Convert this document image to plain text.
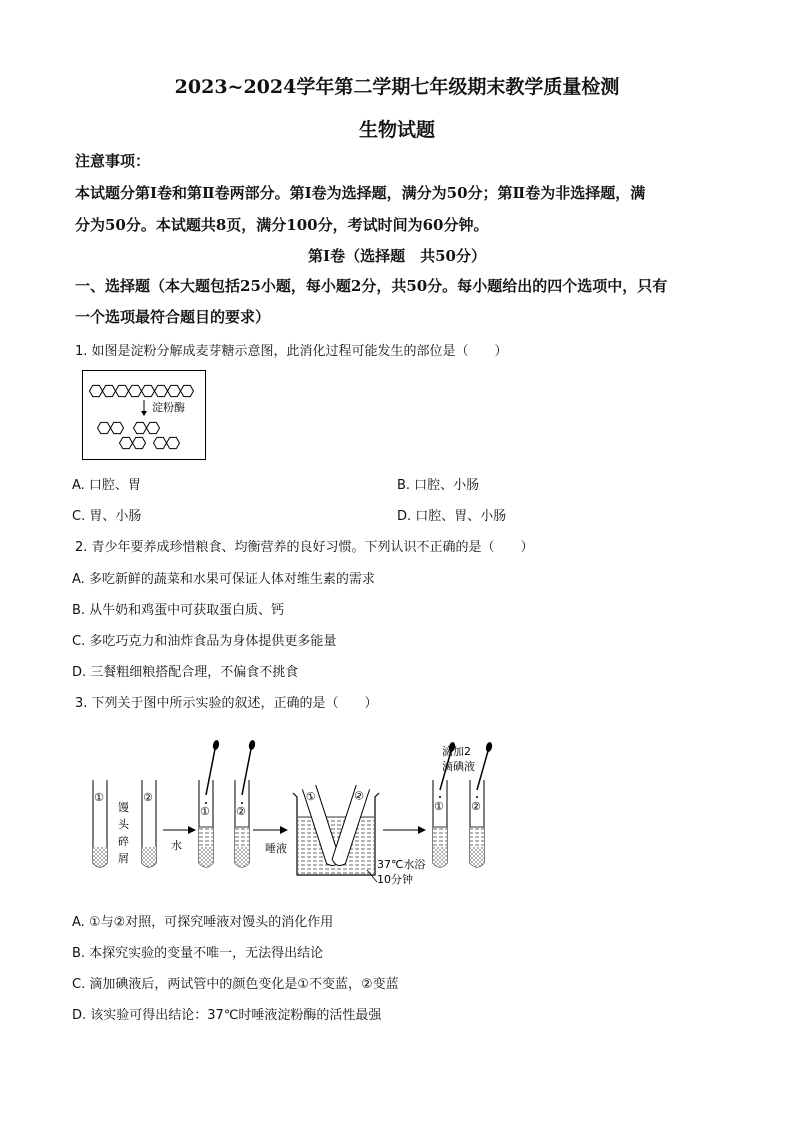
2023~2024学年第二学期七年级期末教学质量检测
生物试题
注意事项：
本试题分第Ⅰ卷和第Ⅱ卷两部分。第Ⅰ卷为选择题，满分为50分；第Ⅱ卷为非选择题，满
分为50分。本试题共8页，满分100分，考试时间为60分钟。
第Ⅰ卷（选择题　共50分）
一、选择题（本大题包括25小题，每小题2分，共50分。每小题给出的四个选项中，只有
一个选项最符合题目的要求）
1. 如图是淀粉分解成麦芽糖示意图，此消化过程可能发生的部位是（　　）
淀粉酶
A. 口腔、胃	B. 口腔、小肠
C. 胃、小肠	D. 口腔、胃、小肠
2. 青少年要养成珍惜粮食、均衡营养的良好习惯。下列认识不正确的是（　　）
A. 多吃新鲜的蔬菜和水果可保证人体对维生素的需求
B. 从牛奶和鸡蛋中可获取蛋白质、钙
C. 多吃巧克力和油炸食品为身体提供更多能量
D. 三餐粗细粮搭配合理，不偏食不挑食
3. 下列关于图中所示实验的叙述，正确的是（　　）
①	②
馒
头
碎
屑
① ②
水	唾液
①	②
37℃水浴
10分钟
① ②
滴加2
滴碘液
A. ①与②对照，可探究唾液对馒头的消化作用
B. 本探究实验的变量不唯一，无法得出结论
C. 滴加碘液后，两试管中的颜色变化是①不变蓝，②变蓝
D. 该实验可得出结论：37℃时唾液淀粉酶的活性最强
